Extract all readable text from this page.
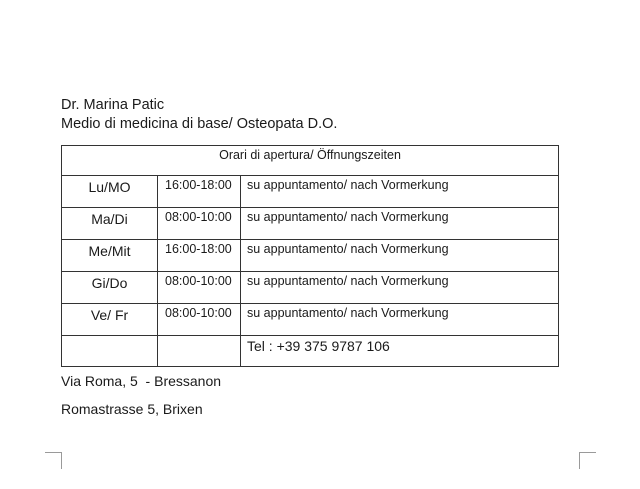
Dr. Marina Patic
Medio di medicina di base/ Osteopata D.O.
Orari di apertura/ Öffnungszeiten		
Lu/MO	16:00-18:00	su appuntamento/ nach Vormerkung
Ma/Di	08:00-10:00	su appuntamento/ nach Vormerkung
Me/Mit	16:00-18:00	su appuntamento/ nach Vormerkung
Gi/Do	08:00-10:00	su appuntamento/ nach Vormerkung
Ve/ Fr	08:00-10:00	su appuntamento/ nach Vormerkung
		Tel : +39 375 9787 106
Via Roma, 5  - Bressanon
Romastrasse 5, Brixen
